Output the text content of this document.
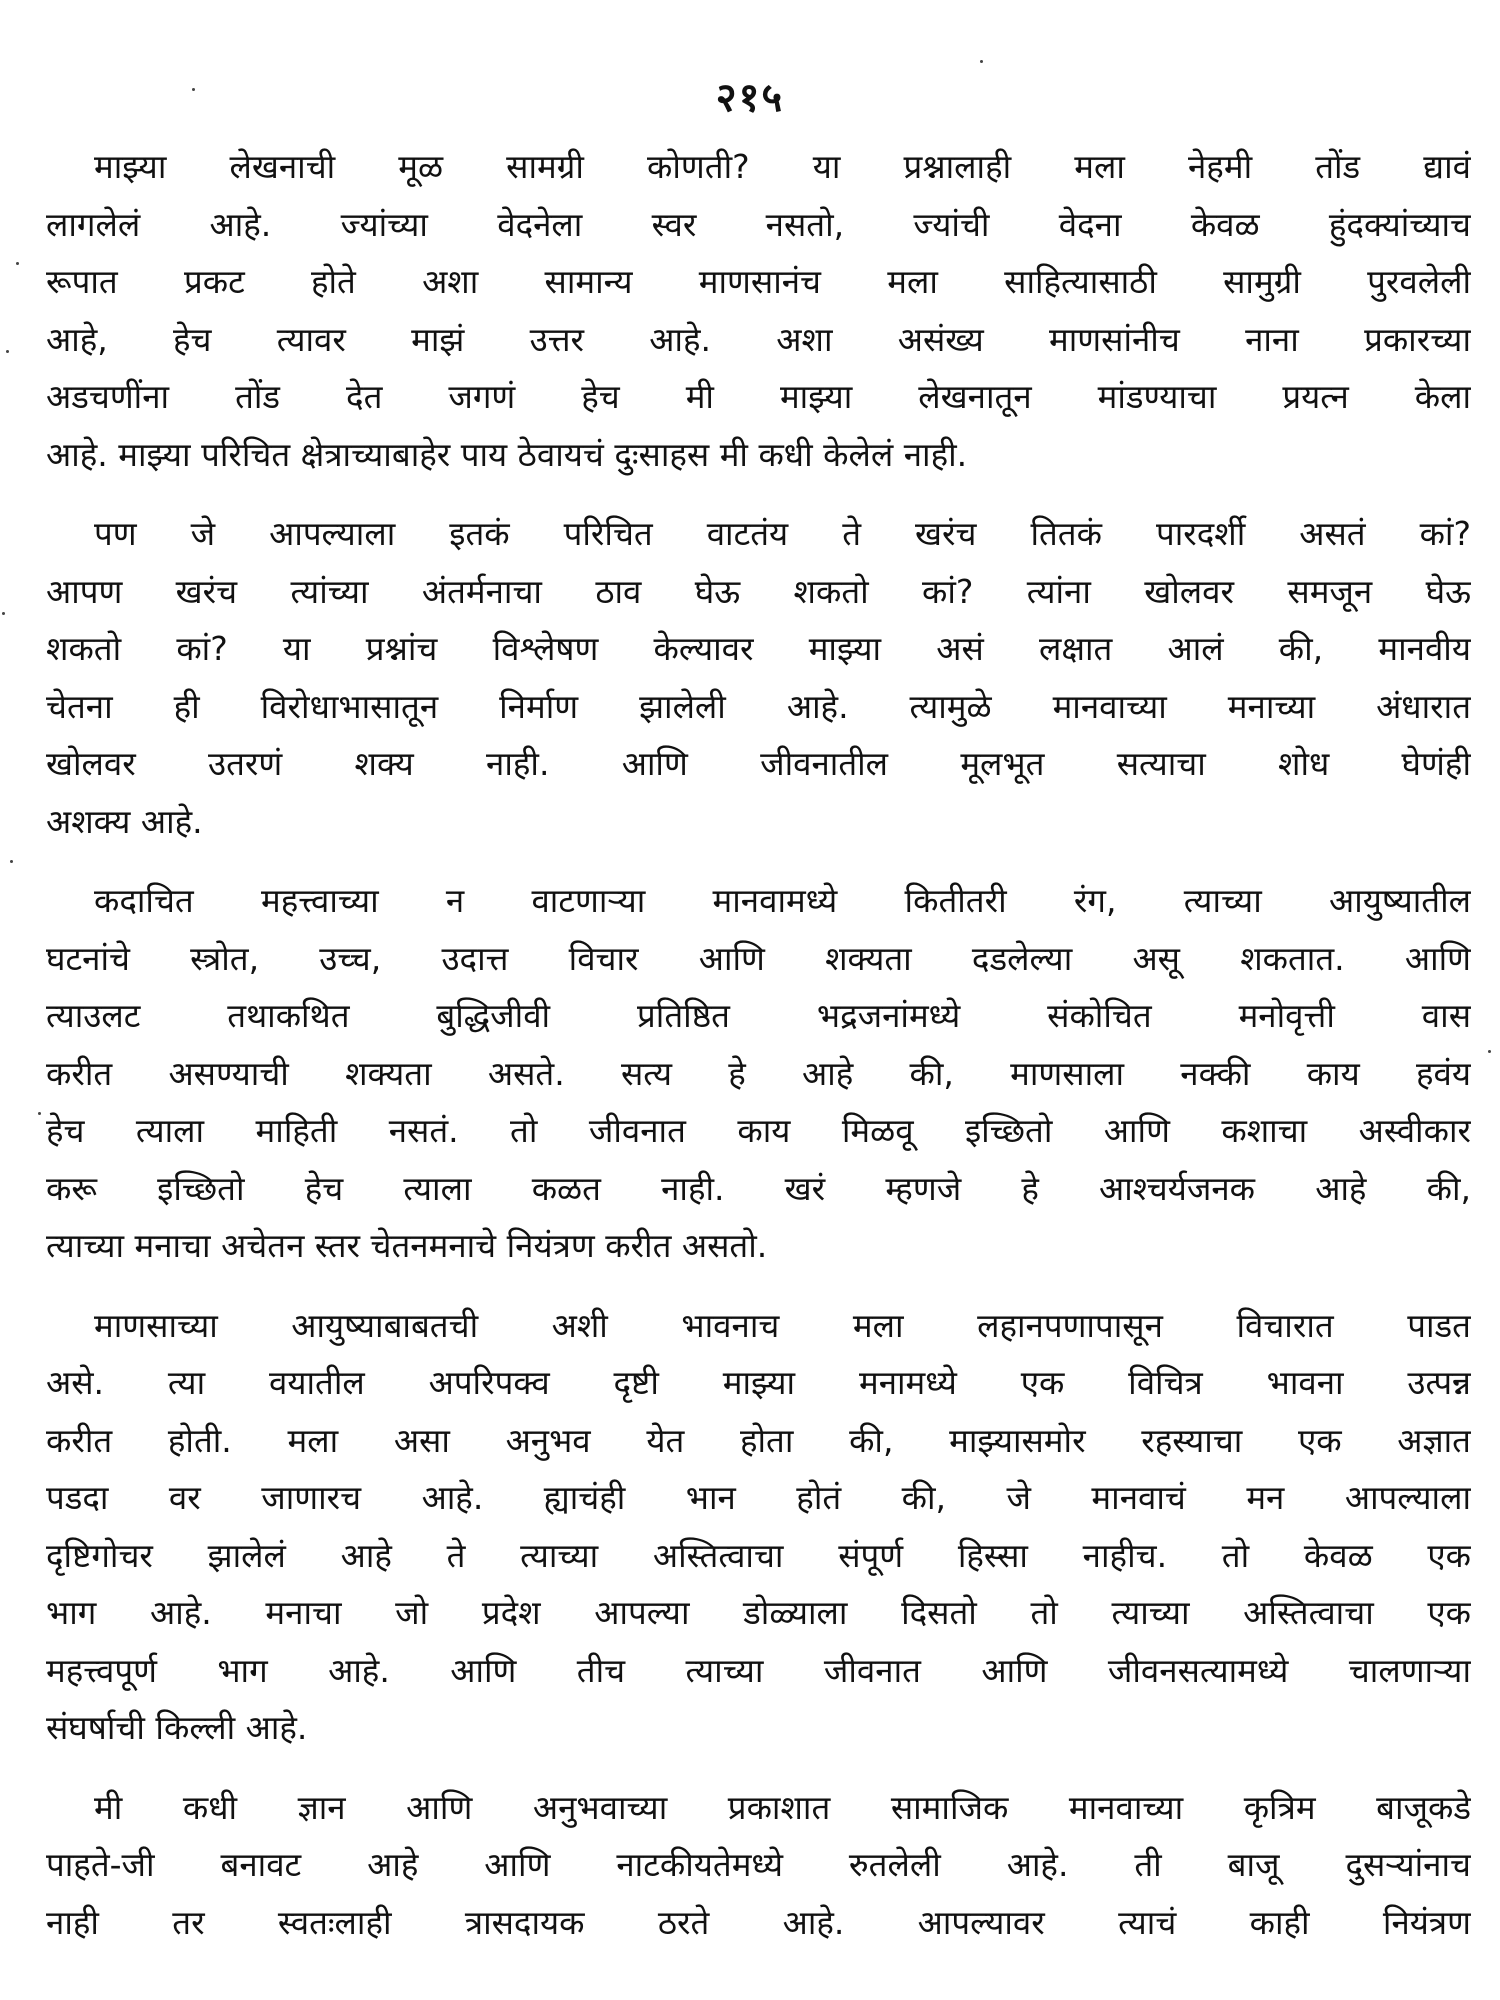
२१५
माझ्या लेखनाची मूळ सामग्री कोणती? या प्रश्नालाही मला नेहमी तोंड द्यावं
लागलेलं आहे. ज्यांच्या वेदनेला स्वर नसतो, ज्यांची वेदना केवळ हुंदक्यांच्याच
रूपात प्रकट होते अशा सामान्य माणसानंच मला साहित्यासाठी सामुग्री पुरवलेली
आहे, हेच त्यावर माझं उत्तर आहे. अशा असंख्य माणसांनीच नाना प्रकारच्या
अडचणींना तोंड देत जगणं हेच मी माझ्या लेखनातून मांडण्याचा प्रयत्न केला
आहे. माझ्या परिचित क्षेत्राच्याबाहेर पाय ठेवायचं दुःसाहस मी कधी केलेलं नाही.
पण जे आपल्याला इतकं परिचित वाटतंय ते खरंच तितकं पारदर्शी असतं कां?
आपण खरंच त्यांच्या अंतर्मनाचा ठाव घेऊ शकतो कां? त्यांना खोलवर समजून घेऊ
शकतो कां? या प्रश्नांच विश्लेषण केल्यावर माझ्या असं लक्षात आलं की, मानवीय
चेतना ही विरोधाभासातून निर्माण झालेली आहे. त्यामुळे मानवाच्या मनाच्या अंधारात
खोलवर उतरणं शक्य नाही. आणि जीवनातील मूलभूत सत्याचा शोध घेणंही
अशक्य आहे.
कदाचित महत्त्वाच्या न वाटणाऱ्या मानवामध्ये कितीतरी रंग, त्याच्या आयुष्यातील
घटनांचे स्त्रोत, उच्च, उदात्त विचार आणि शक्यता दडलेल्या असू शकतात. आणि
त्याउलट तथाकथित बुद्धिजीवी प्रतिष्ठित भद्रजनांमध्ये संकोचित मनोवृत्ती वास
करीत असण्याची शक्यता असते. सत्य हे आहे की, माणसाला नक्की काय हवंय
हेच त्याला माहिती नसतं. तो जीवनात काय मिळवू इच्छितो आणि कशाचा अस्वीकार
करू इच्छितो हेच त्याला कळत नाही. खरं म्हणजे हे आश्चर्यजनक आहे की,
त्याच्या मनाचा अचेतन स्तर चेतनमनाचे नियंत्रण करीत असतो.
माणसाच्या आयुष्याबाबतची अशी भावनाच मला लहानपणापासून विचारात पाडत
असे. त्या वयातील अपरिपक्व दृष्टी माझ्या मनामध्ये एक विचित्र भावना उत्पन्न
करीत होती. मला असा अनुभव येत होता की, माझ्यासमोर रहस्याचा एक अज्ञात
पडदा वर जाणारच आहे. ह्याचंही भान होतं की, जे मानवाचं मन आपल्याला
दृष्टिगोचर झालेलं आहे ते त्याच्या अस्तित्वाचा संपूर्ण हिस्सा नाहीच. तो केवळ एक
भाग आहे. मनाचा जो प्रदेश आपल्या डोळ्याला दिसतो तो त्याच्या अस्तित्वाचा एक
महत्त्वपूर्ण भाग आहे. आणि तीच त्याच्या जीवनात आणि जीवनसत्यामध्ये चालणाऱ्या
संघर्षाची किल्ली आहे.
मी कधी ज्ञान आणि अनुभवाच्या प्रकाशात सामाजिक मानवाच्या कृत्रिम बाजूकडे
पाहते-जी बनावट आहे आणि नाटकीयतेमध्ये रुतलेली आहे. ती बाजू दुसऱ्यांनाच
नाही तर स्वतःलाही त्रासदायक ठरते आहे. आपल्यावर त्याचं काही नियंत्रण
